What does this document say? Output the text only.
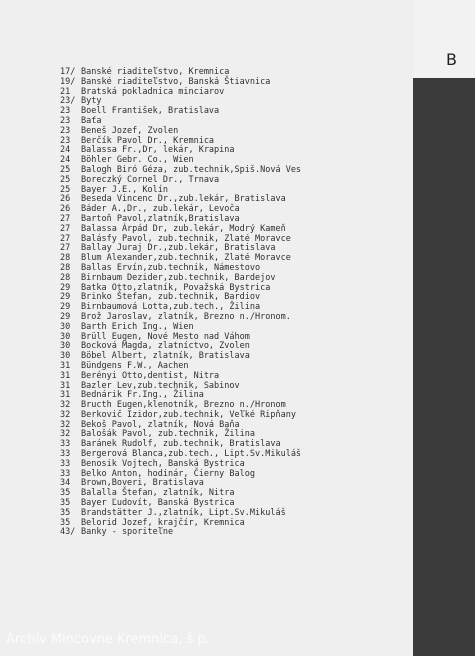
17/ Banské riaditeľstvo, Kremnica
19/ Banské riaditeľstvo, Banská Štiavnica
21	Bratská pokladnica minciarov
23/ Byty
23	Boell František, Bratislava
23	Baťa
23	Beneš Jozef, Zvolen
23	Berčík Pavol Dr., Kremnica
24	Balassa Fr.,Dr, lekár, Krapina
24	Böhler Gebr. Co., Wien
25	Balogh Biró Géza, zub.technik,Spiš.Nová Ves
25	Boreczký Cornel Dr., Trnava
25	Bayer J.E., Kolín
26	Beseda Vincenc Dr.,zub.lekár, Bratislava
26	Báder A.,Dr., zub.lekár, Levoča
27	Bartoň Pavol,zlatník,Bratislava
27	Balassa Árpád Dr, zub.lekár, Modrý Kameň
27	Balásfy Pavol, zub.technik, Zlaté Moravce
27	Ballay Juraj Dr.,zub.lekár, Bratislava
28	Blum Alexander,zub.technik, Zlaté Moravce
28	Ballas Ervín,zub.technik, Námestovo
28	Birnbaum Dezider,zub.technik, Bardejov
29	Batka Otto,zlatník, Považská Bystrica
29	Brinko Štefan, zub.technik, Bardiov
29	Birnbaumová Lotta,zub.tech., Žilina
29	Brož Jaroslav, zlatník, Brezno n./Hronom.
30	Barth Erich Ing., Wien
30	Brüll Eugen, Nové Mesto nad Váhom
30	Bocková Magda, zlatníctvo, Zvolen
30	Böbel Albert, zlatník, Bratislava
31	Bündgens F.W., Aachen
31	Berényi Otto,dentist, Nitra
31	Bazler Lev,zub.technik, Sabinov
31	Bednárik Fr.Ing., Žilina
32	Bructh Eugen,klenotník, Brezno n./Hronom
32	Berkovič Izidor,zub.technik, Veľké Ripňany
32	Bekoš Pavol, zlatník, Nová Baňa
32	Balošák Pavol, zub.technik, Žilina
33	Baránek Rudolf, zub.technik, Bratislava
33	Bergerová Blanca,zub.tech., Lipt.Sv.Mikuláš
33	Benosik Vojtech, Banská Bystrica
33	Belko Anton, hodinár, Čierny Balog
34	Brown,Boveri, Bratislava
35	Balalla Štefan, zlatník, Nitra
35	Bayer Ľudovít, Banská Bystrica
35	Brandstätter J.,zlatník, Lipt.Sv.Mikuláš
35	Belorid Jozef, krajčír, Kremnica
43/ Banky - sporiteľne
B
Archív Mincovne Kremnica, š.p.
